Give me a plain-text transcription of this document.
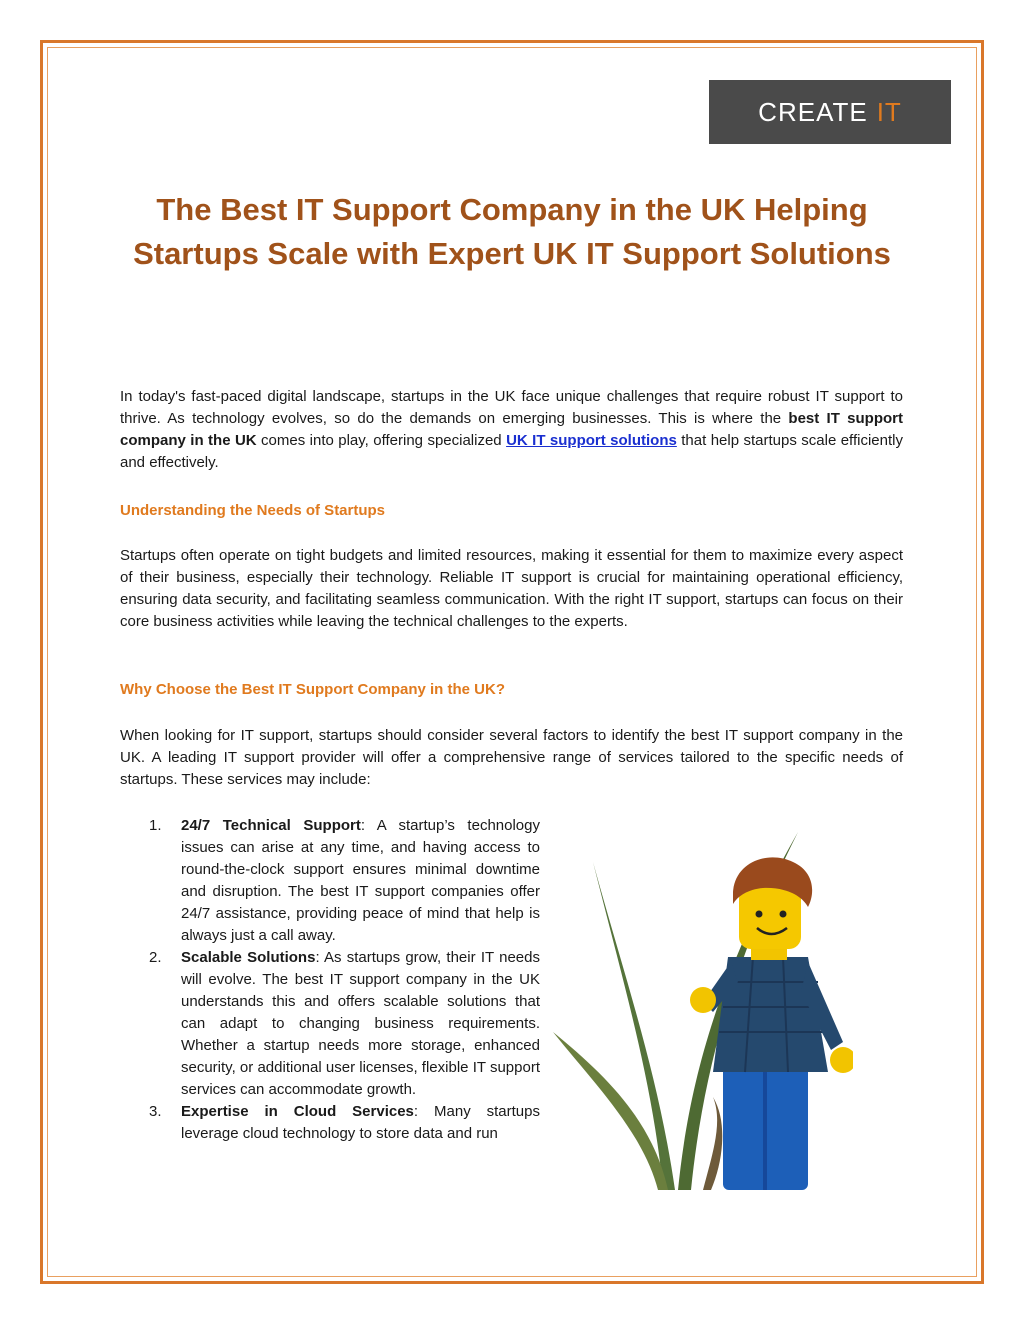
CREATE IT
The Best IT Support Company in the UK Helping Startups Scale with Expert UK IT Support Solutions

In today's fast-paced digital landscape, startups in the UK face unique challenges that require robust IT support to thrive. As technology evolves, so do the demands on emerging businesses. This is where the best IT support company in the UK comes into play, offering specialized UK IT support solutions that help startups scale efficiently and effectively.

Understanding the Needs of Startups

Startups often operate on tight budgets and limited resources, making it essential for them to maximize every aspect of their business, especially their technology. Reliable IT support is crucial for maintaining operational efficiency, ensuring data security, and facilitating seamless communication. With the right IT support, startups can focus on their core business activities while leaving the technical challenges to the experts.

Why Choose the Best IT Support Company in the UK?

When looking for IT support, startups should consider several factors to identify the best IT support company in the UK. A leading IT support provider will offer a comprehensive range of services tailored to the specific needs of startups. These services may include:

1. 24/7 Technical Support: A startup’s technology issues can arise at any time, and having access to round-the-clock support ensures minimal downtime and disruption. The best IT support companies offer 24/7 assistance, providing peace of mind that help is always just a call away.
2. Scalable Solutions: As startups grow, their IT needs will evolve. The best IT support company in the UK understands this and offers scalable solutions that can adapt to changing business requirements. Whether a startup needs more storage, enhanced security, or additional user licenses, flexible IT support services can accommodate growth.
3. Expertise in Cloud Services: Many startups leverage cloud technology to store data and run
